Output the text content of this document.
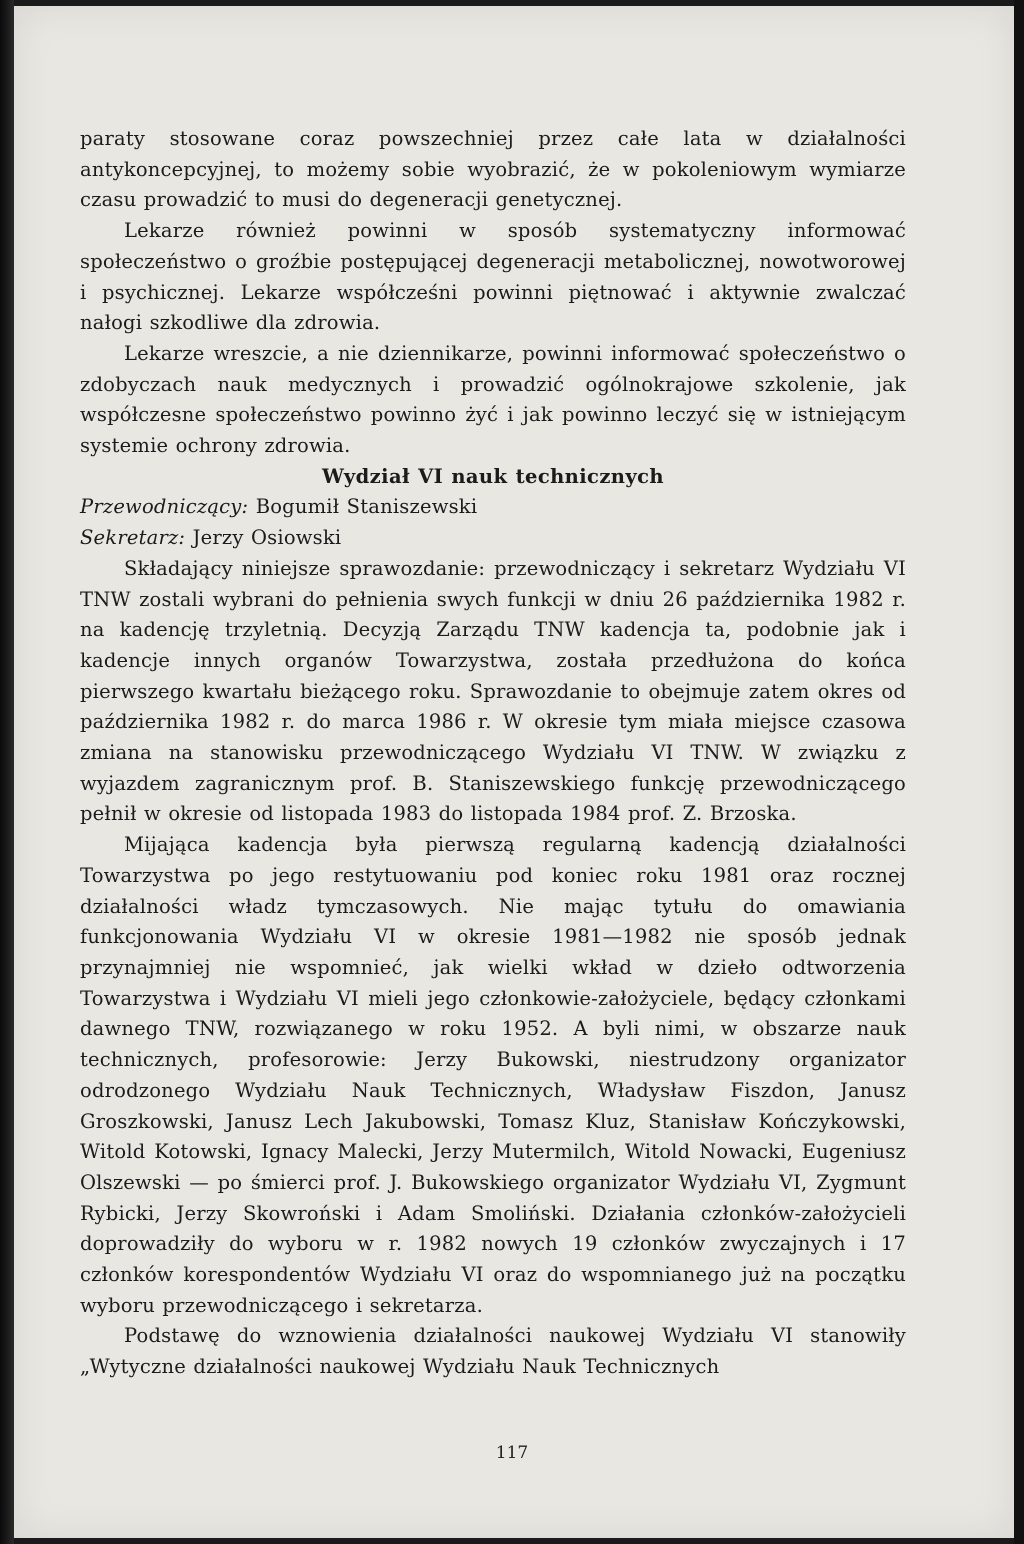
paraty stosowane coraz powszechniej przez całe lata w działalności antykoncepcyjnej, to możemy sobie wyobrazić, że w pokoleniowym wymiarze czasu prowadzić to musi do degeneracji genetycznej.

Lekarze również powinni w sposób systematyczny informować społeczeństwo o groźbie postępującej degeneracji metabolicznej, nowotworowej i psychicznej. Lekarze współcześni powinni piętnować i aktywnie zwalczać nałogi szkodliwe dla zdrowia.

Lekarze wreszcie, a nie dziennikarze, powinni informować społeczeństwo o zdobyczach nauk medycznych i prowadzić ogólnokrajowe szkolenie, jak współczesne społeczeństwo powinno żyć i jak powinno leczyć się w istniejącym systemie ochrony zdrowia.

Wydział VI nauk technicznych

Przewodniczący: Bogumił Staniszewski

Sekretarz: Jerzy Osiowski

Składający niniejsze sprawozdanie: przewodniczący i sekretarz Wydziału VI TNW zostali wybrani do pełnienia swych funkcji w dniu 26 października 1982 r. na kadencję trzyletnią. Decyzją Zarządu TNW kadencja ta, podobnie jak i kadencje innych organów Towarzystwa, została przedłużona do końca pierwszego kwartału bieżącego roku. Sprawozdanie to obejmuje zatem okres od października 1982 r. do marca 1986 r. W okresie tym miała miejsce czasowa zmiana na stanowisku przewodniczącego Wydziału VI TNW. W związku z wyjazdem zagranicznym prof. B. Staniszewskiego funkcję przewodniczącego pełnił w okresie od listopada 1983 do listopada 1984 prof. Z. Brzoska.

Mijająca kadencja była pierwszą regularną kadencją działalności Towarzystwa po jego restytuowaniu pod koniec roku 1981 oraz rocznej działalności władz tymczasowych. Nie mając tytułu do omawiania funkcjonowania Wydziału VI w okresie 1981—1982 nie sposób jednak przynajmniej nie wspomnieć, jak wielki wkład w dzieło odtworzenia Towarzystwa i Wydziału VI mieli jego członkowie-założyciele, będący członkami dawnego TNW, rozwiązanego w roku 1952. A byli nimi, w obszarze nauk technicznych, profesorowie: Jerzy Bukowski, niestrudzony organizator odrodzonego Wydziału Nauk Technicznych, Władysław Fiszdon, Janusz Groszkowski, Janusz Lech Jakubowski, Tomasz Kluz, Stanisław Kończykowski, Witold Kotowski, Ignacy Malecki, Jerzy Mutermilch, Witold Nowacki, Eugeniusz Olszewski — po śmierci prof. J. Bukowskiego organizator Wydziału VI, Zygmunt Rybicki, Jerzy Skowroński i Adam Smoliński. Działania członków-założycieli doprowadziły do wyboru w r. 1982 nowych 19 członków zwyczajnych i 17 członków korespondentów Wydziału VI oraz do wspomnianego już na początku wyboru przewodniczącego i sekretarza.

Podstawę do wznowienia działalności naukowej Wydziału VI stanowiły „Wytyczne działalności naukowej Wydziału Nauk Technicznych

117
